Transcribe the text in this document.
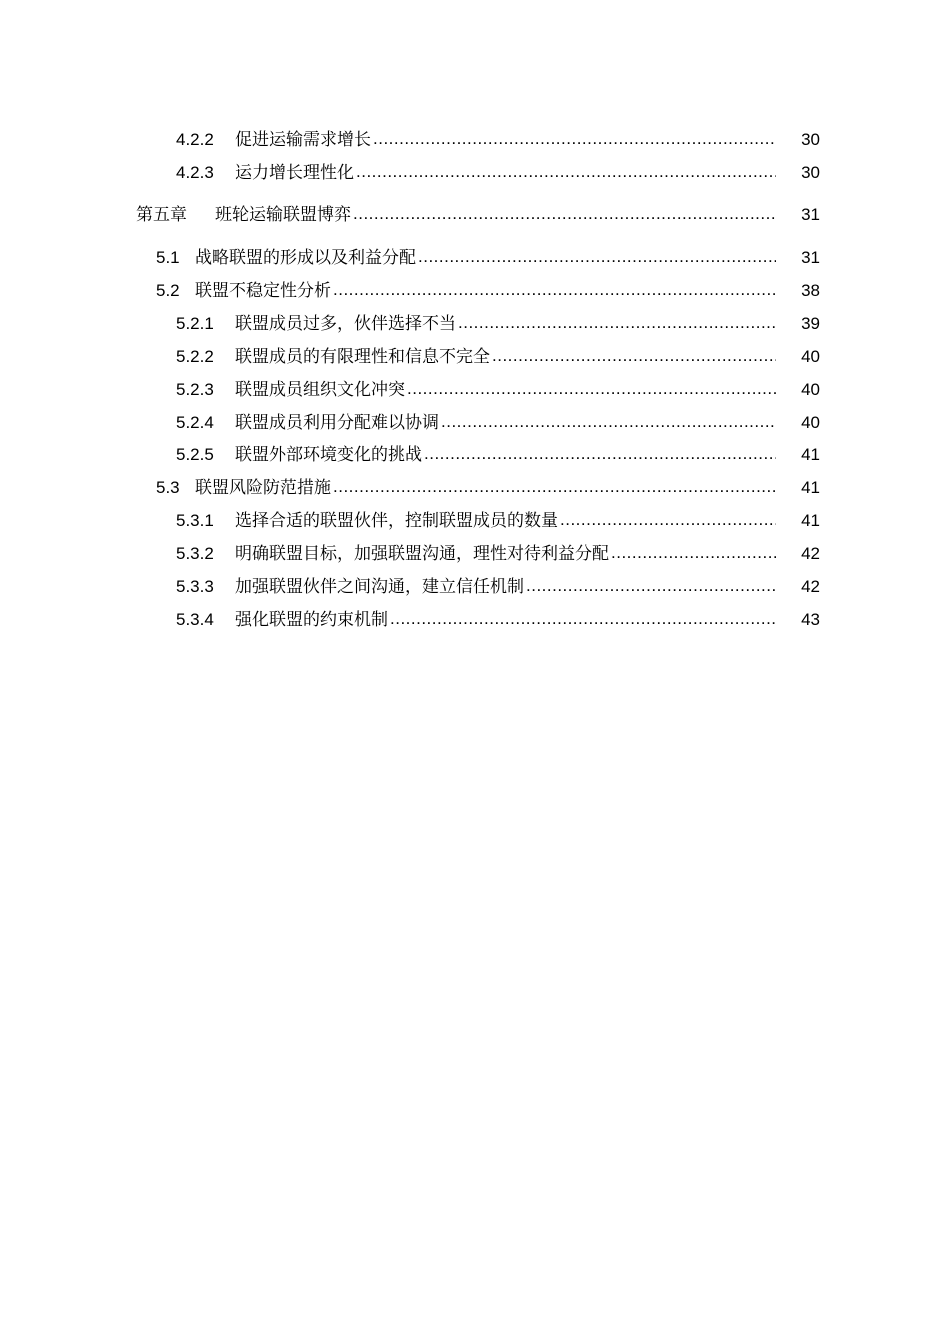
4.2.2	促进运输需求增长 .....	30
4.2.3	运力增长理性化 .....	30
第五章	班轮运输联盟博弈 .....	31
5.1 战略联盟的形成以及利益分配 .....	31
5.2 联盟不稳定性分析 .....	38
5.2.1	联盟成员过多，伙伴选择不当 .....	39
5.2.2	联盟成员的有限理性和信息不完全 .....	40
5.2.3	联盟成员组织文化冲突 .....	40
5.2.4	联盟成员利用分配难以协调 .....	40
5.2.5	联盟外部环境变化的挑战 .....	41
5.3 联盟风险防范措施 .....	41
5.3.1	选择合适的联盟伙伴，控制联盟成员的数量 .....	41
5.3.2	明确联盟目标，加强联盟沟通，理性对待利益分配 .....	42
5.3.3	加强联盟伙伴之间沟通，建立信任机制 .....	42
5.3.4	强化联盟的约束机制 .....	43
